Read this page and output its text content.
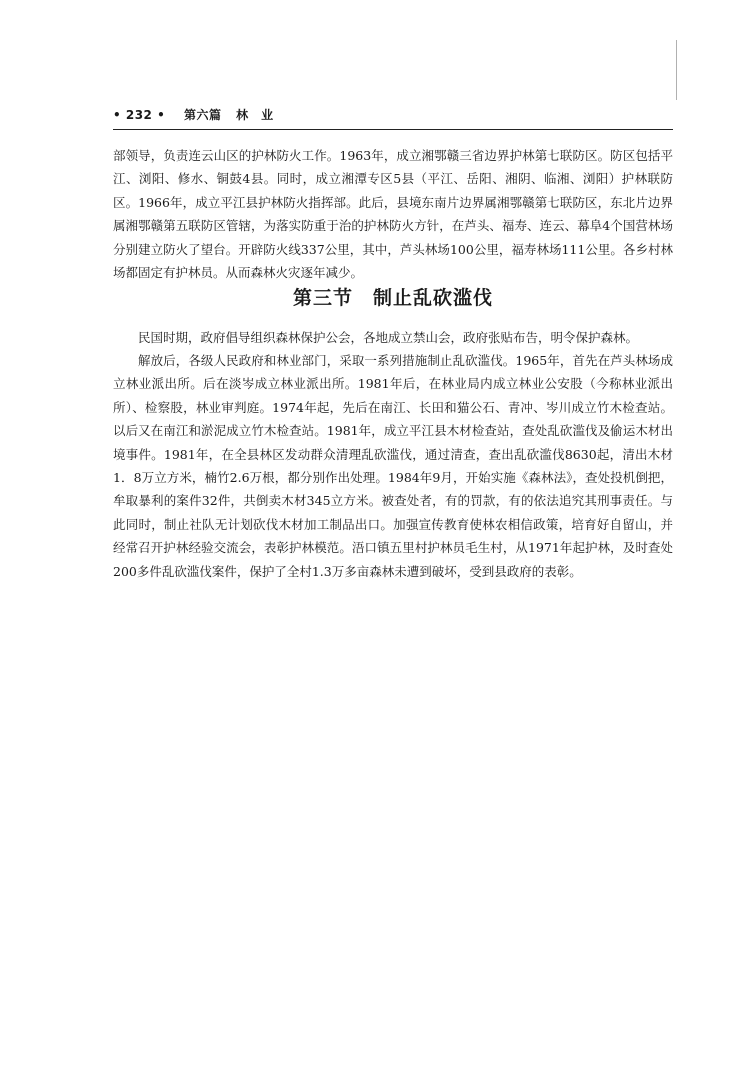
• 232 • 第六篇 林　业

部领导，负责连云山区的护林防火工作。1963年，成立湘鄂赣三省边界护林第七联防区。防区包括平江、浏阳、修水、铜鼓4县。同时，成立湘潭专区5县（平江、岳阳、湘阴、临湘、浏阳）护林联防区。1966年，成立平江县护林防火指挥部。此后，县境东南片边界属湘鄂赣第七联防区，东北片边界属湘鄂赣第五联防区管辖，为落实防重于治的护林防火方针，在芦头、福寿、连云、幕阜4个国营林场分别建立防火了望台。开辟防火线337公里，其中，芦头林场100公里，福寿林场111公里。各乡村林场都固定有护林员。从而森林火灾逐年减少。

第三节　制止乱砍滥伐

民国时期，政府倡导组织森林保护公会，各地成立禁山会，政府张贴布告，明令保护森林。

解放后，各级人民政府和林业部门，采取一系列措施制止乱砍滥伐。1965年，首先在芦头林场成立林业派出所。后在淡岑成立林业派出所。1981年后，在林业局内成立林业公安股（今称林业派出所）、检察股，林业审判庭。1974年起，先后在南江、长田和猫公石、青冲、岑川成立竹木检查站。以后又在南江和淤泥成立竹木检查站。1981年，成立平江县木材检查站，查处乱砍滥伐及偷运木材出境事件。1981年，在全县林区发动群众清理乱砍滥伐，通过清查，查出乱砍滥伐8630起，清出木材1．8万立方米，楠竹2.6万根，都分别作出处理。1984年9月，开始实施《森林法》，查处投机倒把，牟取暴利的案件32件，共倒卖木材345立方米。被查处者，有的罚款，有的依法追究其刑事责任。与此同时，制止社队无计划砍伐木材加工制品出口。加强宣传教育使林农相信政策，培育好自留山，并经常召开护林经验交流会，表彰护林模范。浯口镇五里村护林员毛生村，从1971年起护林，及时查处200多件乱砍滥伐案件，保护了全村1.3万多亩森林未遭到破坏，受到县政府的表彰。
